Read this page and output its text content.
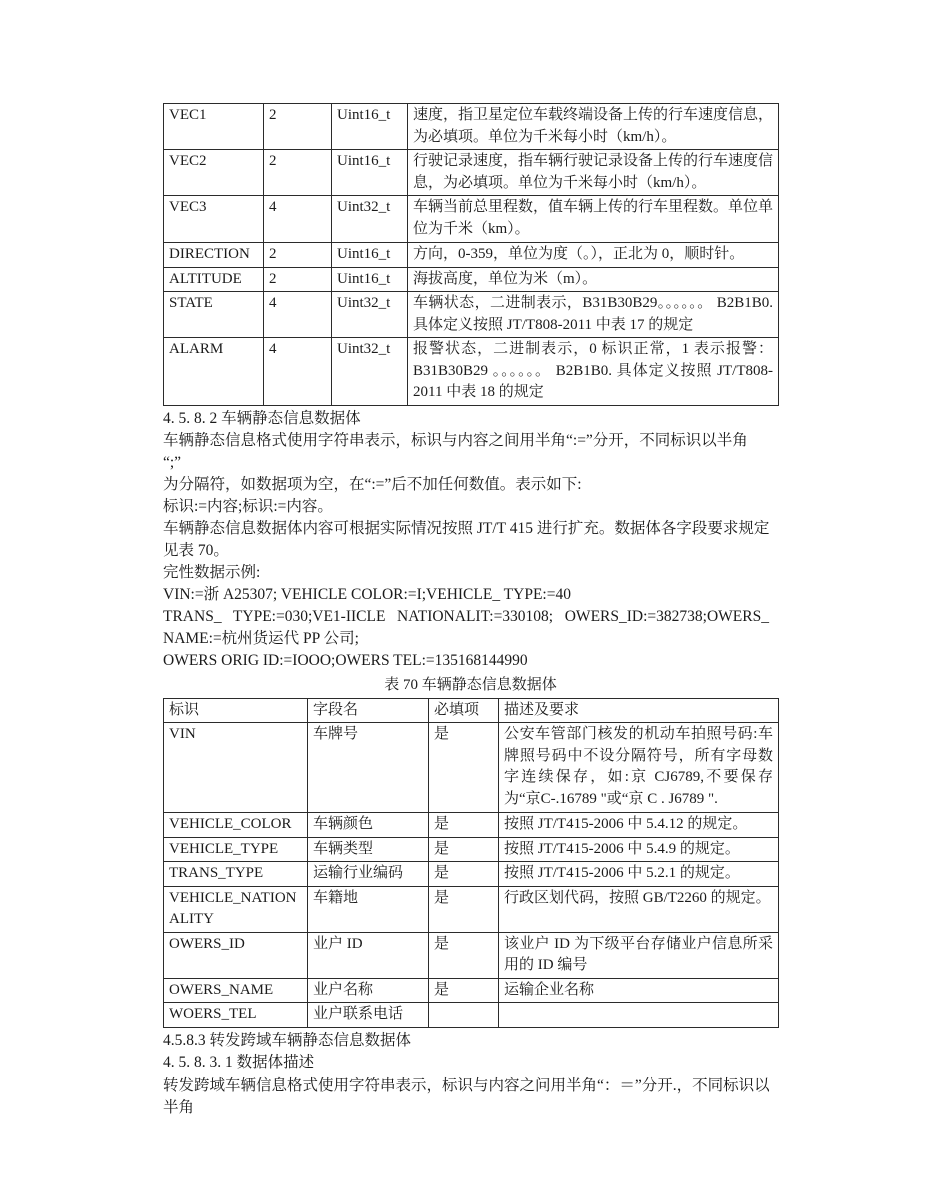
VEC1	2	Uint16_t	速度，指卫星定位车载终端设备上传的行车速度信息，为必填项。单位为千米每小时（km/h）。
VEC2	2	Uint16_t	行驶记录速度，指车辆行驶记录设备上传的行车速度信息，为必填项。单位为千米每小时（km/h）。
VEC3	4	Uint32_t	车辆当前总里程数，值车辆上传的行车里程数。单位单位为千米（km）。
DIRECTION	2	Uint16_t	方向，0-359，单位为度（。），正北为 0，顺时针。
ALTITUDE	2	Uint16_t	海拔高度，单位为米（m）。
STATE	4	Uint32_t	车辆状态，二进制表示，B31B30B29。。。。。。 B2B1B0. 具体定义按照 JT/T808-2011 中表 17 的规定
ALARM	4	Uint32_t	报警状态，二进制表示，0 标识正常，1 表示报警：B31B30B29 。。。。。。 B2B1B0. 具体定义按照 JT/T808-2011 中表 18 的规定
4. 5. 8. 2 车辆静态信息数据体
车辆静态信息格式使用字符串表示，标识与内容之间用半角“:=”分开，不同标识以半角
“;”
为分隔符，如数据项为空，在“:=”后不加任何数值。表示如下:
标识:=内容;标识:=内容。
车辆静态信息数据体内容可根据实际情况按照 JT/T 415 进行扩充。数据体各字段要求规定
见表 70。
完性数据示例:
VIN:=浙 A25307; VEHICLE COLOR:=I;VEHICLE_ TYPE:=40
TRANS_   TYPE:=030;VE1-IICLE   NATIONALIT:=330108;   OWERS_ID:=382738;OWERS_
NAME:=杭州货运代 PP 公司;
OWERS ORIG ID:=IOOO;OWERS TEL:=135168144990
表 70 车辆静态信息数据体
标识	字段名	必填项	描述及要求
VIN	车牌号	是	公安车管部门核发的机动车拍照号码:车牌照号码中不设分隔符号，所有字母数字连续保存，如:京 CJ6789,不要保存为“京C-.16789 "或“京 C . J6789 ".
VEHICLE_COLOR	车辆颜色	是	按照 JT/T415-2006 中 5.4.12 的规定。
VEHICLE_TYPE	车辆类型	是	按照 JT/T415-2006 中 5.4.9 的规定。
TRANS_TYPE	运输行业编码	是	按照 JT/T415-2006 中 5.2.1 的规定。
VEHICLE_NATIONALITY	车籍地	是	行政区划代码，按照 GB/T2260 的规定。
OWERS_ID	业户 ID	是	该业户 ID 为下级平台存储业户信息所采用的 ID 编号
OWERS_NAME	业户名称	是	运输企业名称
WOERS_TEL	业户联系电话		
4.5.8.3 转发跨域车辆静态信息数据体
4. 5. 8. 3. 1 数据体描述
转发跨域车辆信息格式使用字符串表示，标识与内容之问用半角“：＝”分开.，不同标识以
半角
